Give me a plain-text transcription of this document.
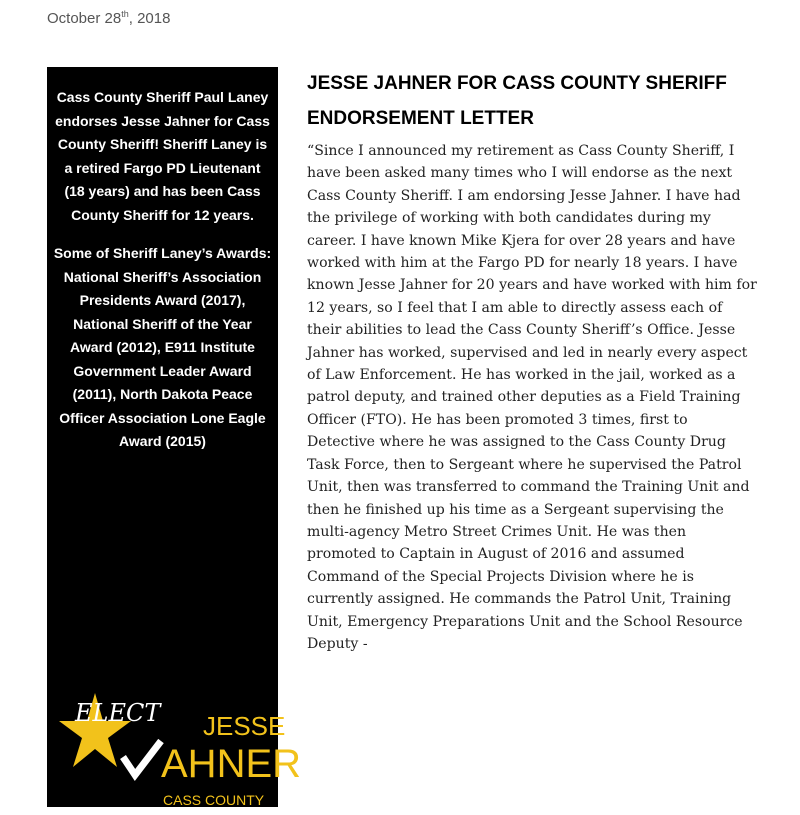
October 28th, 2018

Cass County Sheriff Paul Laney endorses Jesse Jahner for Cass County Sheriff! Sheriff Laney is a retired Fargo PD Lieutenant (18 years) and has been Cass County Sheriff for 12 years.

Some of Sheriff Laney’s Awards: National Sheriff’s Association Presidents Award (2017), National Sheriff of the Year Award (2012), E911 Institute Government Leader Award (2011), North Dakota Peace Officer Association Lone Eagle Award (2015)

ELECT JESSE
AHNER
CASS COUNTY
JESSE JAHNER FOR CASS COUNTY SHERIFF ENDORSEMENT LETTER

“Since I announced my retirement as Cass County Sheriff, I have been asked many times who I will endorse as the next Cass County Sheriff. I am endorsing Jesse Jahner. I have had the privilege of working with both candidates during my career. I have known Mike Kjera for over 28 years and have worked with him at the Fargo PD for nearly 18 years. I have known Jesse Jahner for 20 years and have worked with him for 12 years, so I feel that I am able to directly assess each of their abilities to lead the Cass County Sheriff’s Office. Jesse Jahner has worked, supervised and led in nearly every aspect of Law Enforcement. He has worked in the jail, worked as a patrol deputy, and trained other deputies as a Field Training Officer (FTO). He has been promoted 3 times, first to Detective where he was assigned to the Cass County Drug Task Force, then to Sergeant where he supervised the Patrol Unit, then was transferred to command the Training Unit and then he finished up his time as a Sergeant supervising the multi-agency Metro Street Crimes Unit. He was then promoted to Captain in August of 2016 and assumed Command of the Special Projects Division where he is currently assigned. He commands the Patrol Unit, Training Unit, Emergency Preparations Unit and the School Resource Deputy -
